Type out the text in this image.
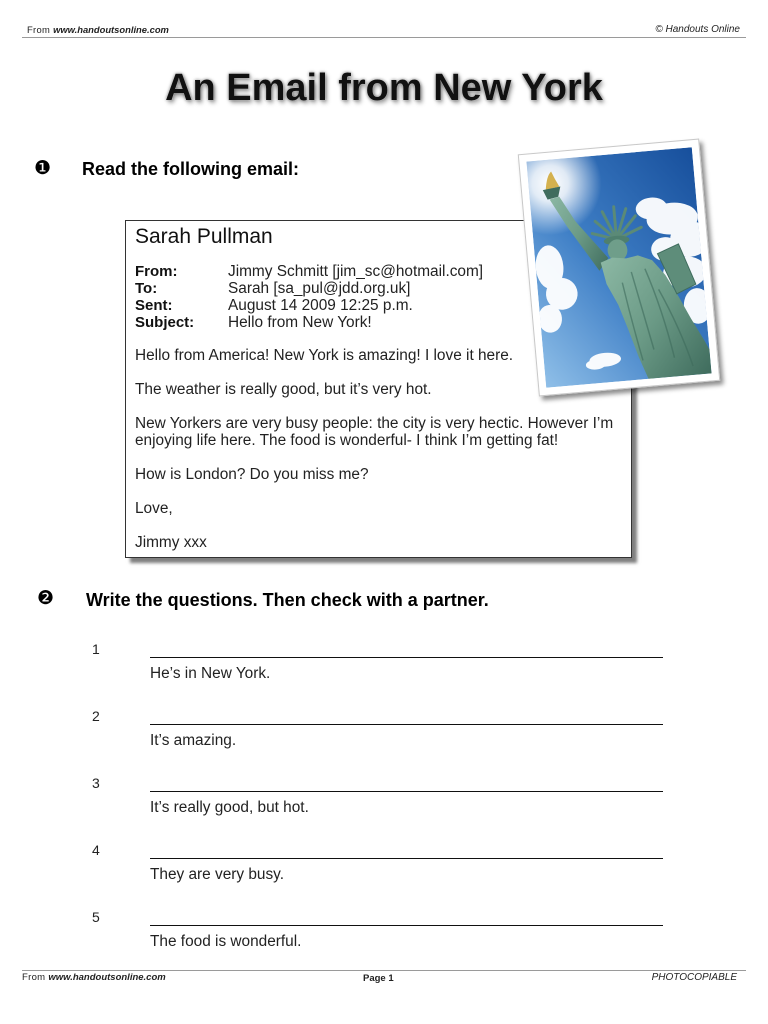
From www.handoutsonline.com	© Handouts Online
An Email from New York
❶ Read the following email:
Sarah Pullman
From:	Jimmy Schmitt [jim_sc@hotmail.com]
To:	Sarah [sa_pul@jdd.org.uk]
Sent:	August 14 2009 12:25 p.m.
Subject: Hello from New York!

Hello from America! New York is amazing! I love it here.

The weather is really good, but it’s very hot.

New Yorkers are very busy people: the city is very hectic. However I’m
enjoying life here. The food is wonderful- I think I’m getting fat!

How is London? Do you miss me?

Love,

Jimmy xxx

❷ Write the questions. Then check with a partner.
1
He’s in New York.
2
It’s amazing.
3
It’s really good, but hot.
4
They are very busy.
5
The food is wonderful.
From www.handoutsonline.com	Page 1	PHOTOCOPIABLE
